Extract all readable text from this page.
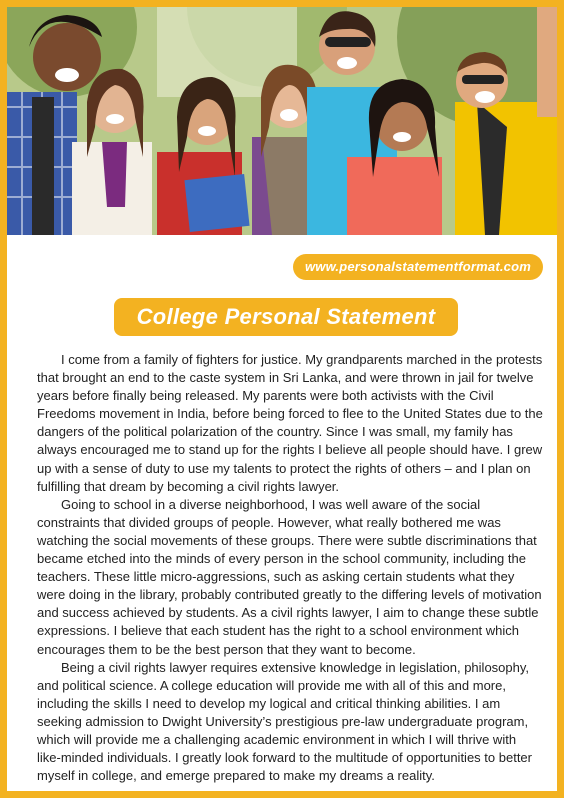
www.personalstatementformat.com
College Personal Statement

I come from a family of fighters for justice. My grandparents marched in the protests that brought an end to the caste system in Sri Lanka, and were thrown in jail for twelve years before finally being released. My parents were both activists with the Civil Freedoms movement in India, before being forced to flee to the United States due to the dangers of the political polarization of the country. Since I was small, my family has always encouraged me to stand up for the rights I believe all people should have. I grew up with a sense of duty to use my talents to protect the rights of others – and I plan on fulfilling that dream by becoming a civil rights lawyer.

Going to school in a diverse neighborhood, I was well aware of the social constraints that divided groups of people. However, what really bothered me was watching the social movements of these groups. There were subtle discriminations that became etched into the minds of every person in the school community, including the teachers. These little micro-aggressions, such as asking certain students what they were doing in the library, probably contributed greatly to the differing levels of motivation and success achieved by students. As a civil rights lawyer, I aim to change these subtle expressions. I believe that each student has the right to a school environment which encourages them to be the best person that they want to become.

Being a civil rights lawyer requires extensive knowledge in legislation, philosophy, and political science. A college education will provide me with all of this and more, including the skills I need to develop my logical and critical thinking abilities. I am seeking admission to Dwight University’s prestigious pre-law undergraduate program, which will provide me a challenging academic environment in which I will thrive with like-minded individuals. I greatly look forward to the multitude of opportunities to better myself in college, and emerge prepared to make my dreams a reality.
